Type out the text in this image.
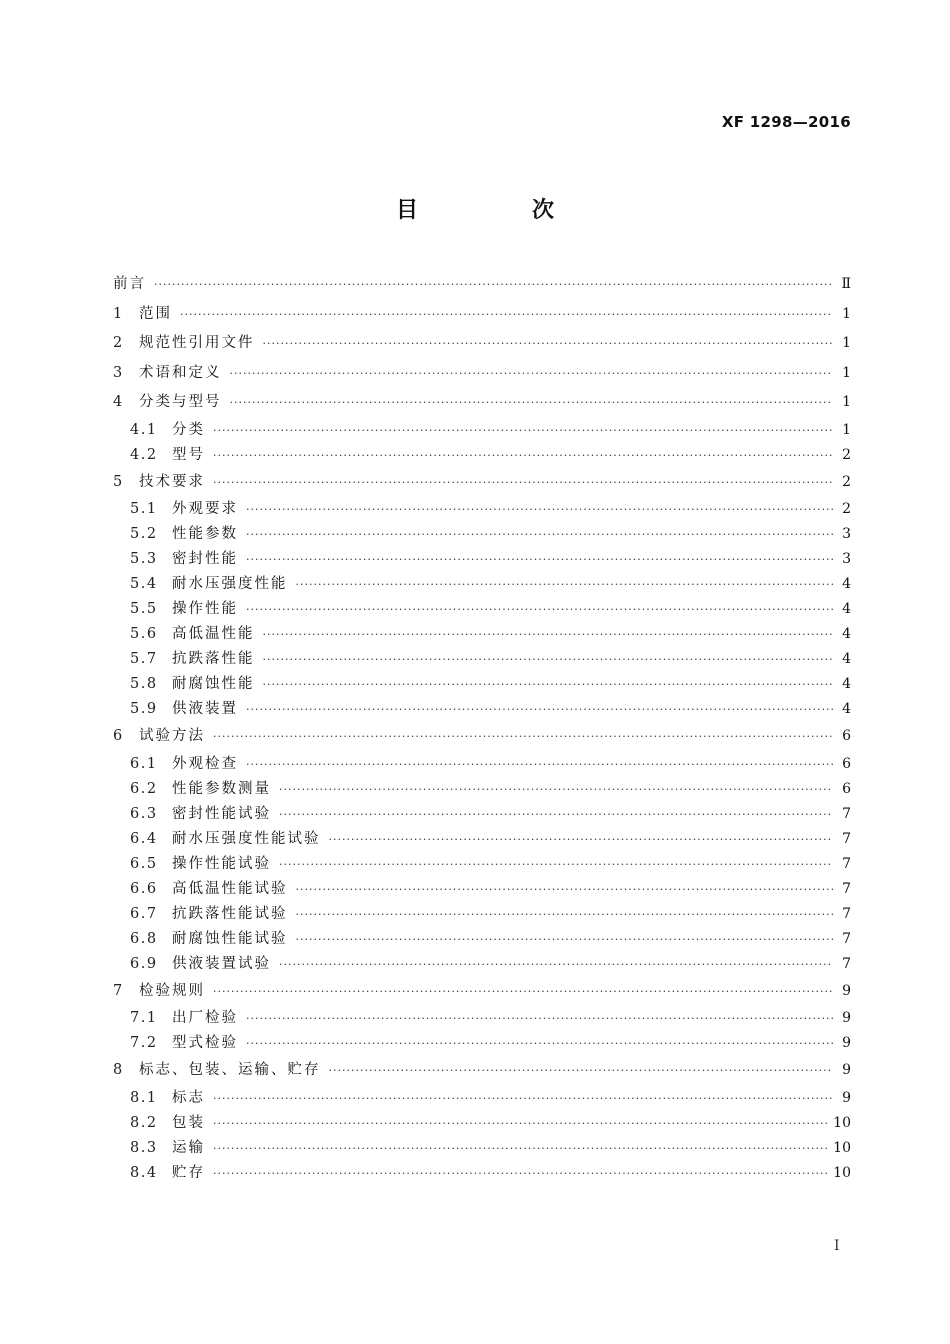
XF 1298—2016
目　次
前言 ·····	Ⅱ
1	范围 ·····	1
2	规范性引用文件 ·····	1
3	术语和定义 ·····	1
4	分类与型号 ·····	1
4.1 分类 ·····	1
4.2 型号 ·····	2
5	技术要求 ·····	2
5.1 外观要求 ·····	2
5.2 性能参数 ·····	3
5.3 密封性能 ·····	3
5.4 耐水压强度性能 ·····	4
5.5 操作性能 ·····	4
5.6 高低温性能 ·····	4
5.7 抗跌落性能 ·····	4
5.8 耐腐蚀性能 ·····	4
5.9 供液装置 ·····	4
6	试验方法 ·····	6
6.1 外观检查 ·····	6
6.2 性能参数测量 ·····	6
6.3 密封性能试验 ·····	7
6.4 耐水压强度性能试验 ·····	7
6.5 操作性能试验 ·····	7
6.6 高低温性能试验 ·····	7
6.7 抗跌落性能试验 ·····	7
6.8 耐腐蚀性能试验 ·····	7
6.9 供液装置试验 ·····	7
7	检验规则 ·····	9
7.1 出厂检验 ·····	9
7.2 型式检验 ·····	9
8	标志、包装、运输、贮存 ·····	9
8.1 标志 ·····	9
8.2 包装 ·····	10
8.3 运输 ·····	10
8.4 贮存 ·····	10
I
